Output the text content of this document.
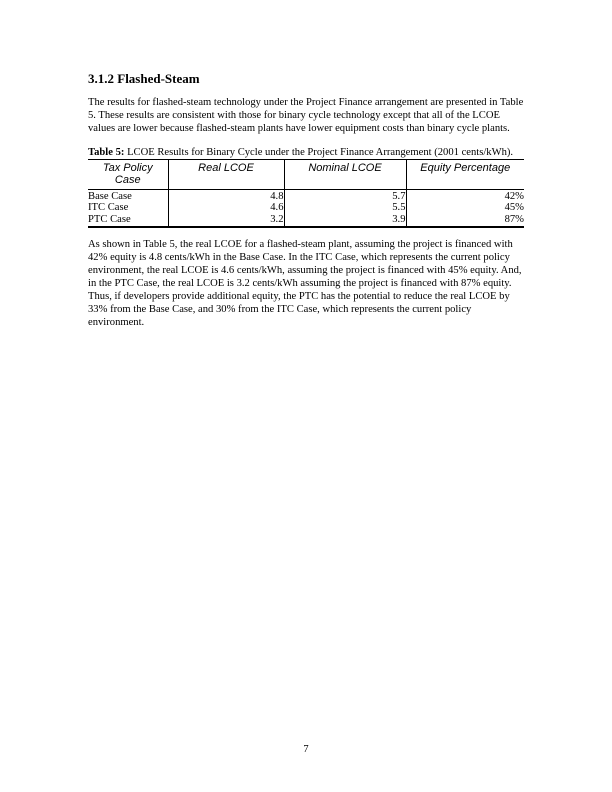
3.1.2 Flashed-Steam

The results for flashed-steam technology under the Project Finance arrangement are presented in Table 5. These results are consistent with those for binary cycle technology except that all of the LCOE values are lower because flashed-steam plants have lower equipment costs than binary cycle plants.

Table 5: LCOE Results for Binary Cycle under the Project Finance Arrangement (2001 cents/kWh).

Tax Policy Case	Real LCOE	Nominal LCOE	Equity Percentage
Base Case	4.8	5.7	42%
ITC Case	4.6	5.5	45%
PTC Case	3.2	3.9	87%

As shown in Table 5, the real LCOE for a flashed-steam plant, assuming the project is financed with 42% equity is 4.8 cents/kWh in the Base Case. In the ITC Case, which represents the current policy environment, the real LCOE is 4.6 cents/kWh, assuming the project is financed with 45% equity. And, in the PTC Case, the real LCOE is 3.2 cents/kWh assuming the project is financed with 87% equity. Thus, if developers provide additional equity, the PTC has the potential to reduce the real LCOE by 33% from the Base Case, and 30% from the ITC Case, which represents the current policy environment.

7
